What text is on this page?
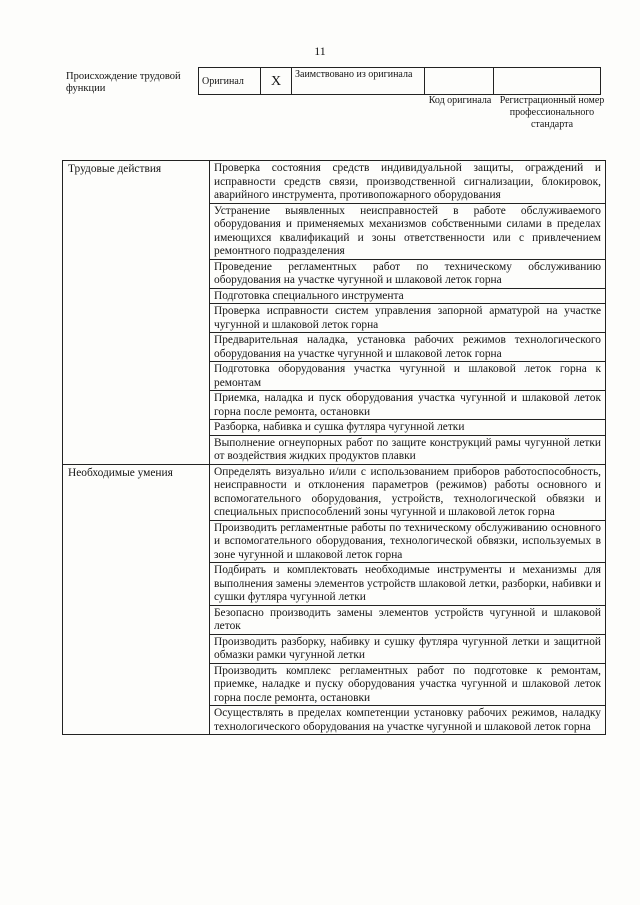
11
Происхождение трудовой функции
Оригинал	X	Заимствовано из оригинала		
Код оригинала Регистрационный номер профессионального стандарта
Трудовые действия	Проверка состояния средств индивидуальной защиты, ограждений и исправности средств связи, производственной сигнализации, блокировок, аварийного инструмента, противопожарного оборудования
	Устранение выявленных неисправностей в работе обслуживаемого оборудования и применяемых механизмов собственными силами в пределах имеющихся квалификаций и зоны ответственности или с привлечением ремонтного подразделения
	Проведение регламентных работ по техническому обслуживанию оборудования на участке чугунной и шлаковой леток горна
	Подготовка специального инструмента
	Проверка исправности систем управления запорной арматурой на участке чугунной и шлаковой леток горна
	Предварительная наладка, установка рабочих режимов технологического оборудования на участке чугунной и шлаковой леток горна
	Подготовка оборудования участка чугунной и шлаковой леток горна к ремонтам
	Приемка, наладка и пуск оборудования участка чугунной и шлаковой леток горна после ремонта, остановки
	Разборка, набивка и сушка футляра чугунной летки
	Выполнение огнеупорных работ по защите конструкций рамы чугунной летки от воздействия жидких продуктов плавки
Необходимые умения	Определять визуально и/или с использованием приборов работоспособность, неисправности и отклонения параметров (режимов) работы основного и вспомогательного оборудования, устройств, технологической обвязки и специальных приспособлений зоны чугунной и шлаковой леток горна
	Производить регламентные работы по техническому обслуживанию основного и вспомогательного оборудования, технологической обвязки, используемых в зоне чугунной и шлаковой леток горна
	Подбирать и комплектовать необходимые инструменты и механизмы для выполнения замены элементов устройств шлаковой летки, разборки, набивки и сушки футляра чугунной летки
	Безопасно производить замены элементов устройств чугунной и шлаковой леток
	Производить разборку, набивку и сушку футляра чугунной летки и защитной обмазки рамки чугунной летки
	Производить комплекс регламентных работ по подготовке к ремонтам, приемке, наладке и пуску оборудования участка чугунной и шлаковой леток горна после ремонта, остановки
	Осуществлять в пределах компетенции установку рабочих режимов, наладку технологического оборудования на участке чугунной и шлаковой леток горна
